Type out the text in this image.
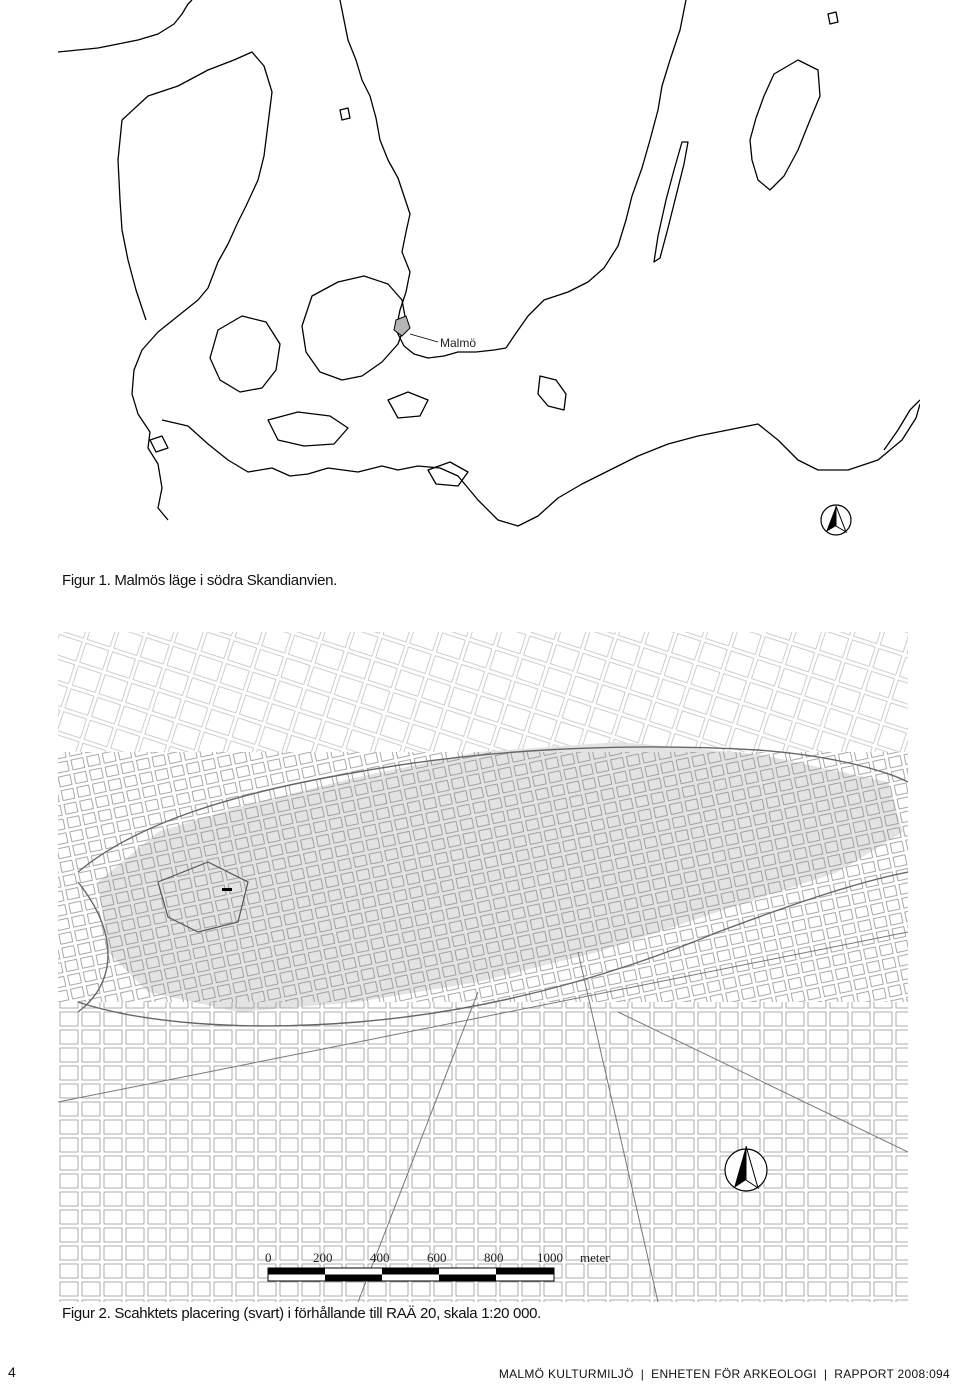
Malmö
Figur 1. Malmös läge i södra Skandianvien.
0	200	400	600	800	1000 meter
Figur 2. Scahktets placering (svart) i förhållande till RAÄ 20, skala 1:20 000.
4	MALMÖ KULTURMILJÖ | ENHETEN FÖR ARKEOLOGI | RAPPORT 2008:094
